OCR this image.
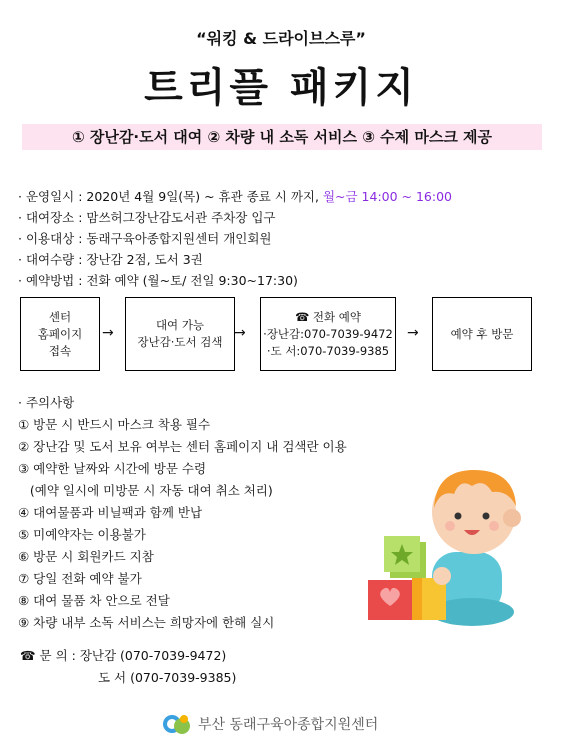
“워킹 & 드라이브스루”
트리플 패키지
① 장난감·도서 대여 ② 차량 내 소독 서비스 ③ 수제 마스크 제공
· 운영일시 : 2020년 4월 9일(목) ~ 휴관 종료 시 까지, 월~금 14:00 ~ 16:00
· 대여장소 : 맘쓰허그장난감도서관 주차장 입구
· 이용대상 : 동래구육아종합지원센터 개인회원
· 대여수량 : 장난감 2점, 도서 3권
· 예약방법 : 전화 예약 (월~토/ 전일 9:30~17:30)
센터
홈페이지
접속
→	대여 가능
장난감·도서 검색
→
☎ 전화 예약
·장난감:070-7039-9472
·도 서:070-7039-9385
→	예약 후 방문
· 주의사항
① 방문 시 반드시 마스크 착용 필수
② 장난감 및 도서 보유 여부는 센터 홈페이지 내 검색란 이용
③ 예약한 날짜와 시간에 방문 수령
(예약 일시에 미방문 시 자동 대여 취소 처리)
④ 대여물품과 비닐팩과 함께 반납
⑤ 미예약자는 이용불가
⑥ 방문 시 회원카드 지참
⑦ 당일 전화 예약 불가
⑧ 대여 물품 차 안으로 전달
⑨ 차량 내부 소독 서비스는 희망자에 한해 실시
☎ 문 의 : 장난감 (070-7039-9472)
도 서 (070-7039-9385)
부산 동래구육아종합지원센터
